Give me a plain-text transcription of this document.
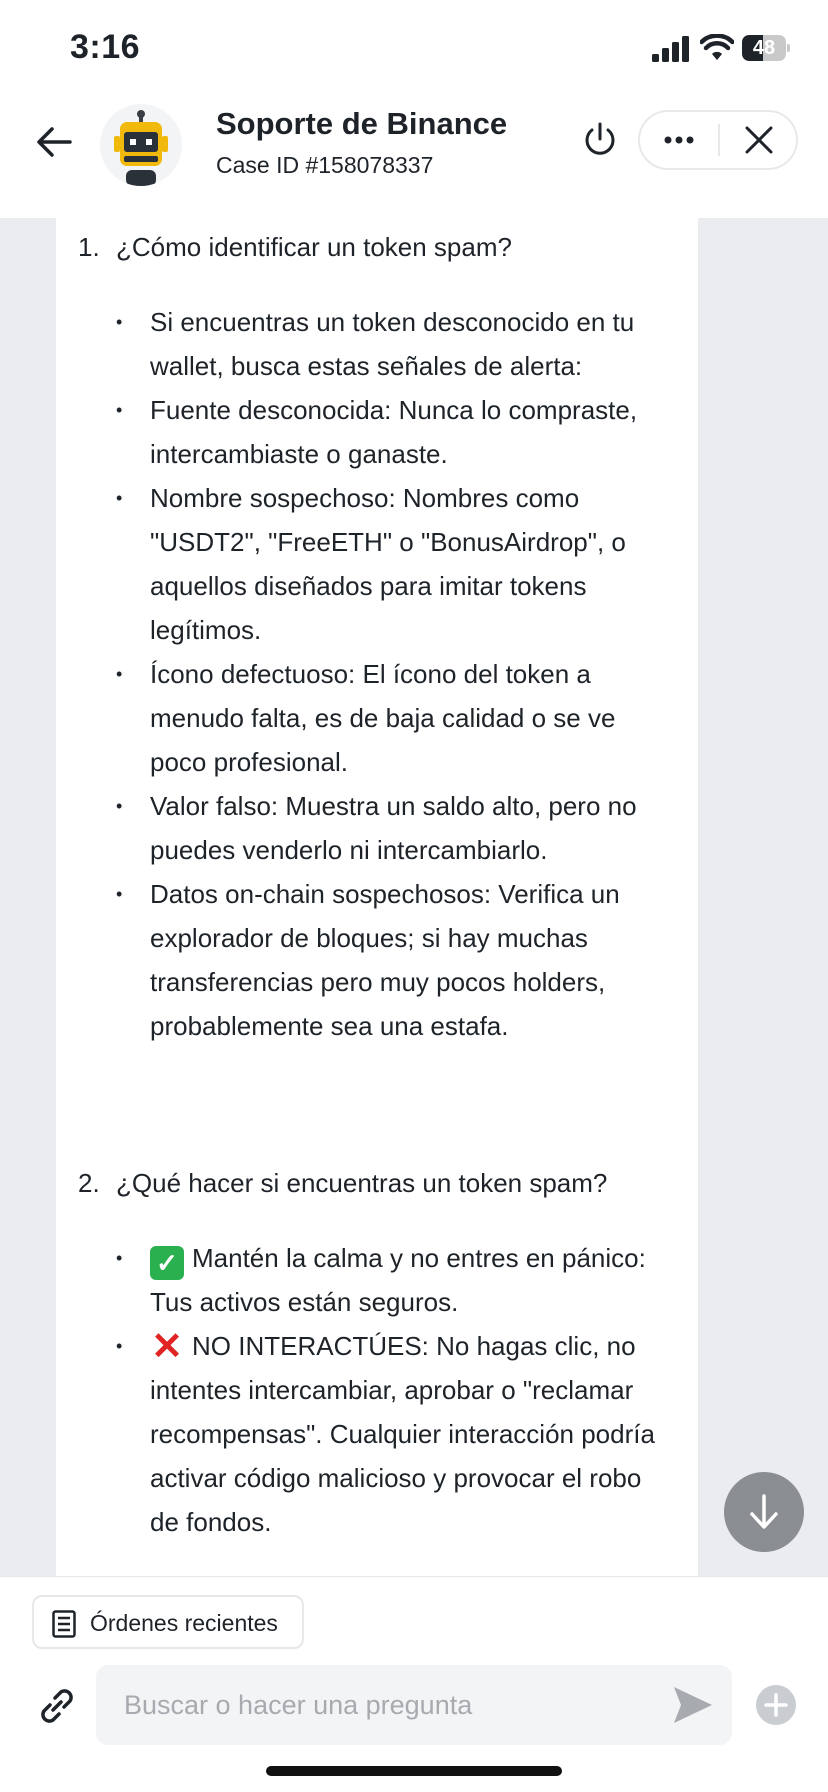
3:16	48
Soporte de Binance
Case ID #158078337
1. ¿Cómo identificar un token spam?
• Si encuentras un token desconocido en tu wallet, busca estas señales de alerta:
• Fuente desconocida: Nunca lo compraste, intercambiaste o ganaste.
• Nombre sospechoso: Nombres como "USDT2", "FreeETH" o "BonusAirdrop", o aquellos diseñados para imitar tokens legítimos.
• Ícono defectuoso: El ícono del token a menudo falta, es de baja calidad o se ve poco profesional.
• Valor falso: Muestra un saldo alto, pero no puedes venderlo ni intercambiarlo.
• Datos on-chain sospechosos: Verifica un explorador de bloques; si hay muchas transferencias pero muy pocos holders, probablemente sea una estafa.
2. ¿Qué hacer si encuentras un token spam?
• ✓ Mantén la calma y no entres en pánico: Tus activos están seguros.
• ✕ NO INTERACTÚES: No hagas clic, no intentes intercambiar, aprobar o "reclamar recompensas". Cualquier interacción podría activar código malicioso y provocar el robo de fondos.
Órdenes recientes
Buscar o hacer una pregunta
